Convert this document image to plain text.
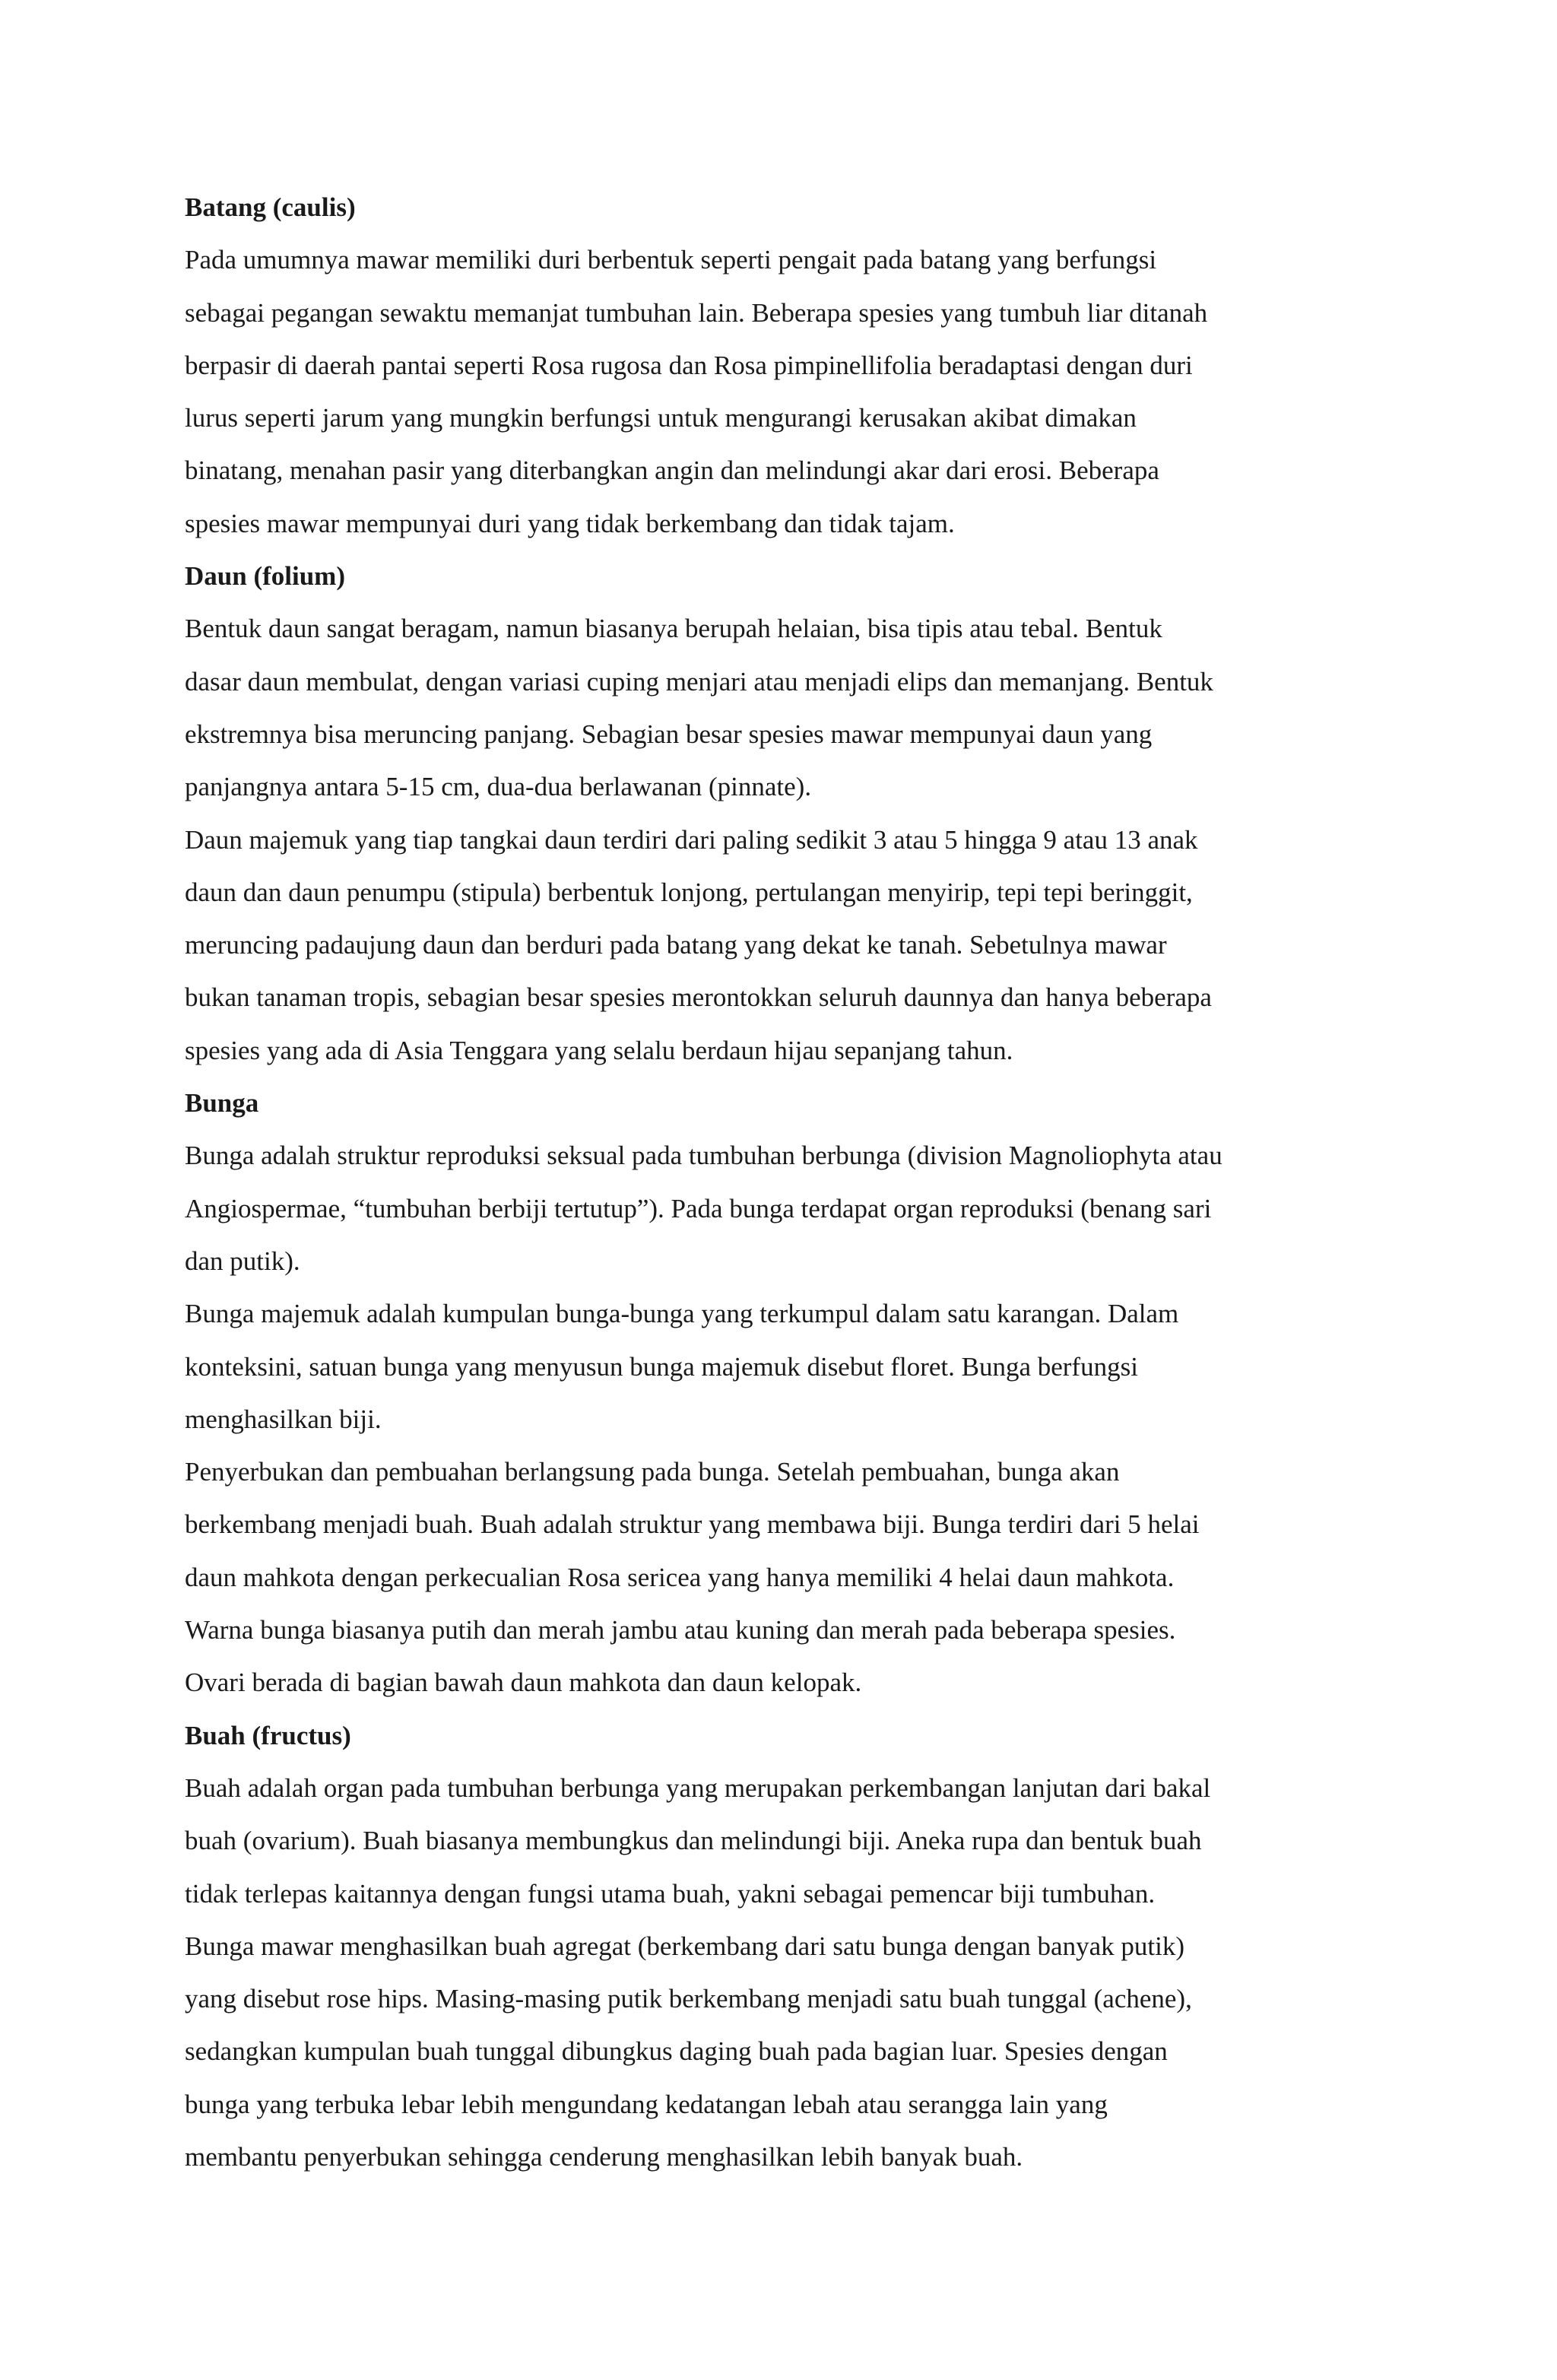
Batang (caulis)
Pada umumnya mawar memiliki duri berbentuk seperti pengait pada batang yang berfungsi
sebagai pegangan sewaktu memanjat tumbuhan lain. Beberapa spesies yang tumbuh liar ditanah
berpasir di daerah pantai seperti Rosa rugosa dan Rosa pimpinellifolia beradaptasi dengan duri
lurus seperti jarum yang mungkin berfungsi untuk mengurangi kerusakan akibat dimakan
binatang, menahan pasir yang diterbangkan angin dan melindungi akar dari erosi. Beberapa
spesies mawar mempunyai duri yang tidak berkembang dan tidak tajam.
Daun (folium)
Bentuk daun sangat beragam, namun biasanya berupah helaian, bisa tipis atau tebal. Bentuk
dasar daun membulat, dengan variasi cuping menjari atau menjadi elips dan memanjang. Bentuk
ekstremnya bisa meruncing panjang. Sebagian besar spesies mawar mempunyai daun yang
panjangnya antara 5-15 cm, dua-dua berlawanan (pinnate).
Daun majemuk yang tiap tangkai daun terdiri dari paling sedikit 3 atau 5 hingga 9 atau 13 anak
daun dan daun penumpu (stipula) berbentuk lonjong, pertulangan menyirip, tepi tepi beringgit,
meruncing padaujung daun dan berduri pada batang yang dekat ke tanah. Sebetulnya mawar
bukan tanaman tropis, sebagian besar spesies merontokkan seluruh daunnya dan hanya beberapa
spesies yang ada di Asia Tenggara yang selalu berdaun hijau sepanjang tahun.
Bunga
Bunga adalah struktur reproduksi seksual pada tumbuhan berbunga (division Magnoliophyta atau
Angiospermae, “tumbuhan berbiji tertutup”). Pada bunga terdapat organ reproduksi (benang sari
dan putik).
Bunga majemuk adalah kumpulan bunga-bunga yang terkumpul dalam satu karangan. Dalam
konteksini, satuan bunga yang menyusun bunga majemuk disebut floret. Bunga berfungsi
menghasilkan biji.
Penyerbukan dan pembuahan berlangsung pada bunga. Setelah pembuahan, bunga akan
berkembang menjadi buah. Buah adalah struktur yang membawa biji. Bunga terdiri dari 5 helai
daun mahkota dengan perkecualian Rosa sericea yang hanya memiliki 4 helai daun mahkota.
Warna bunga biasanya putih dan merah jambu atau kuning dan merah pada beberapa spesies.
Ovari berada di bagian bawah daun mahkota dan daun kelopak.
Buah (fructus)
Buah adalah organ pada tumbuhan berbunga yang merupakan perkembangan lanjutan dari bakal
buah (ovarium). Buah biasanya membungkus dan melindungi biji. Aneka rupa dan bentuk buah
tidak terlepas kaitannya dengan fungsi utama buah, yakni sebagai pemencar biji tumbuhan.
Bunga mawar menghasilkan buah agregat (berkembang dari satu bunga dengan banyak putik)
yang disebut rose hips. Masing-masing putik berkembang menjadi satu buah tunggal (achene),
sedangkan kumpulan buah tunggal dibungkus daging buah pada bagian luar. Spesies dengan
bunga yang terbuka lebar lebih mengundang kedatangan lebah atau serangga lain yang
membantu penyerbukan sehingga cenderung menghasilkan lebih banyak buah.
